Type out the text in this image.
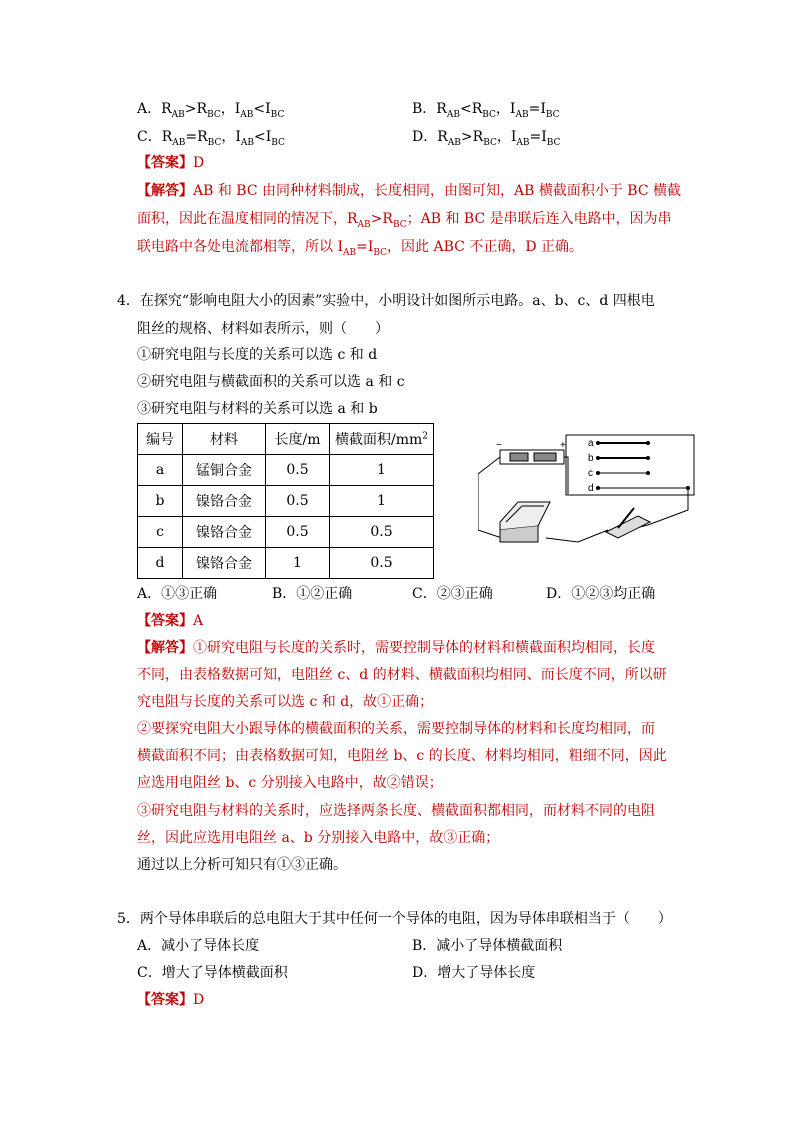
A．$R_{AB}>R_{BC}$，$I_{AB}<I_{BC}$	B．$R_{AB}<R_{BC}$，$I_{AB}=I_{BC}$
C．$R_{AB}=R_{BC}$，$I_{AB}<I_{BC}$	D．$R_{AB}>R_{BC}$，$I_{AB}=I_{BC}$
【答案】D
【解答】AB 和 BC 由同种材料制成，长度相同，由图可知，AB 横截面积小于 BC 横截
面积，因此在温度相同的情况下，$R_{AB}>R_{BC}$；AB 和 BC 是串联后连入电路中，因为串
联电路中各处电流都相等，所以 $I_{AB}=I_{BC}$，因此 ABC 不正确，D 正确。
4．在探究“影响电阻大小的因素”实验中，小明设计如图所示电路。a、b、c、d 四根电
阻丝的规格、材料如表所示，则（　　）
①研究电阻与长度的关系可以选 c 和 d
②研究电阻与横截面积的关系可以选 a 和 c
③研究电阻与材料的关系可以选 a 和 b
编号	材料	长度/m	横截面积$/mm^2$
a	锰铜合金	0.5	1
b	镍铬合金	0.5	1
c	镍铬合金	0.5	0.5
d	镍铬合金	1	0.5
a
b
c
d
−	+
A．①③正确	B．①②正确	C．②③正确	D．①②③均正确
【答案】A
【解答】①研究电阻与长度的关系时，需要控制导体的材料和横截面积均相同，长度
不同，由表格数据可知，电阻丝 c、d 的材料、横截面积均相同、而长度不同，所以研
究电阻与长度的关系可以选 c 和 d，故①正确；
②要探究电阻大小跟导体的横截面积的关系，需要控制导体的材料和长度均相同，而
横截面积不同；由表格数据可知，电阻丝 b、c 的长度、材料均相同，粗细不同，因此
应选用电阻丝 b、c 分别接入电路中，故②错误；
③研究电阻与材料的关系时，应选择两条长度、横截面积都相同，而材料不同的电阻
丝，因此应选用电阻丝 a、b 分别接入电路中，故③正确；
通过以上分析可知只有①③正确。
5．两个导体串联后的总电阻大于其中任何一个导体的电阻，因为导体串联相当于（　　）
A．减小了导体长度	B．减小了导体横截面积
C．增大了导体横截面积	D．增大了导体长度
【答案】D
